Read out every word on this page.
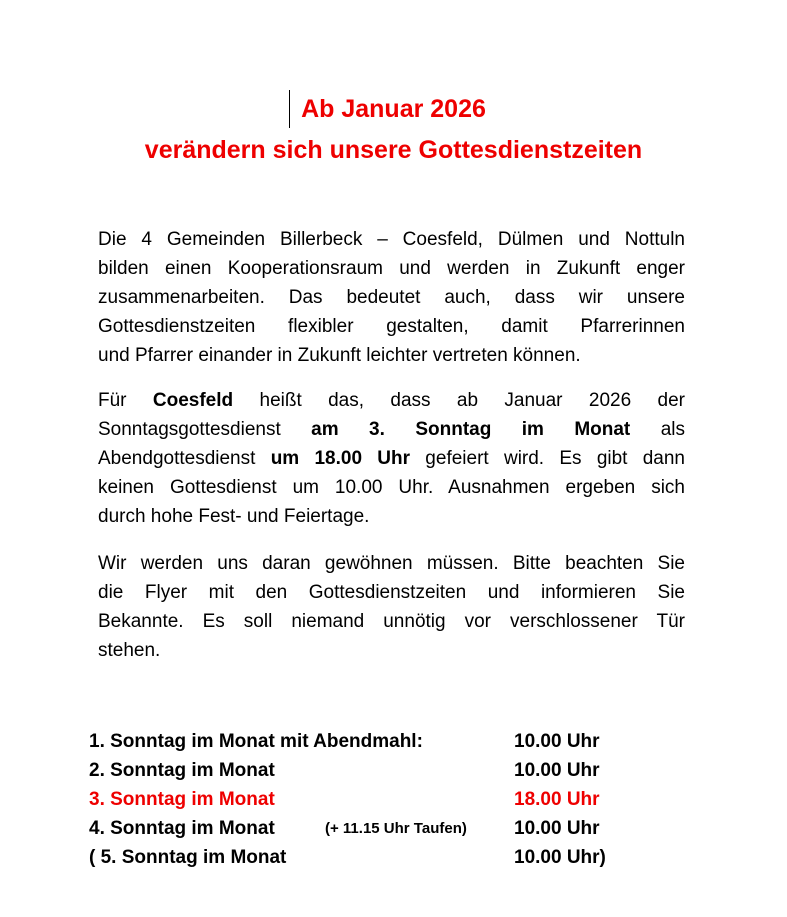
Ab Januar 2026
verändern sich unsere Gottesdienstzeiten
Die 4 Gemeinden Billerbeck – Coesfeld, Dülmen und Nottuln
bilden einen Kooperationsraum und werden in Zukunft enger
zusammenarbeiten. Das bedeutet auch, dass wir unsere
Gottesdienstzeiten flexibler gestalten, damit Pfarrerinnen
und Pfarrer einander in Zukunft leichter vertreten können.
Für Coesfeld heißt das, dass ab Januar 2026 der
Sonntagsgottesdienst am 3. Sonntag im Monat als
Abendgottesdienst um 18.00 Uhr gefeiert wird. Es gibt dann
keinen Gottesdienst um 10.00 Uhr. Ausnahmen ergeben sich
durch hohe Fest- und Feiertage.
Wir werden uns daran gewöhnen müssen. Bitte beachten Sie
die Flyer mit den Gottesdienstzeiten und informieren Sie
Bekannte. Es soll niemand unnötig vor verschlossener Tür
stehen.
1. Sonntag im Monat mit Abendmahl:	10.00 Uhr
2. Sonntag im Monat	10.00 Uhr
3. Sonntag im Monat	18.00 Uhr
4. Sonntag im Monat	(+ 11.15 Uhr Taufen) 10.00 Uhr
( 5. Sonntag im Monat	10.00 Uhr)
